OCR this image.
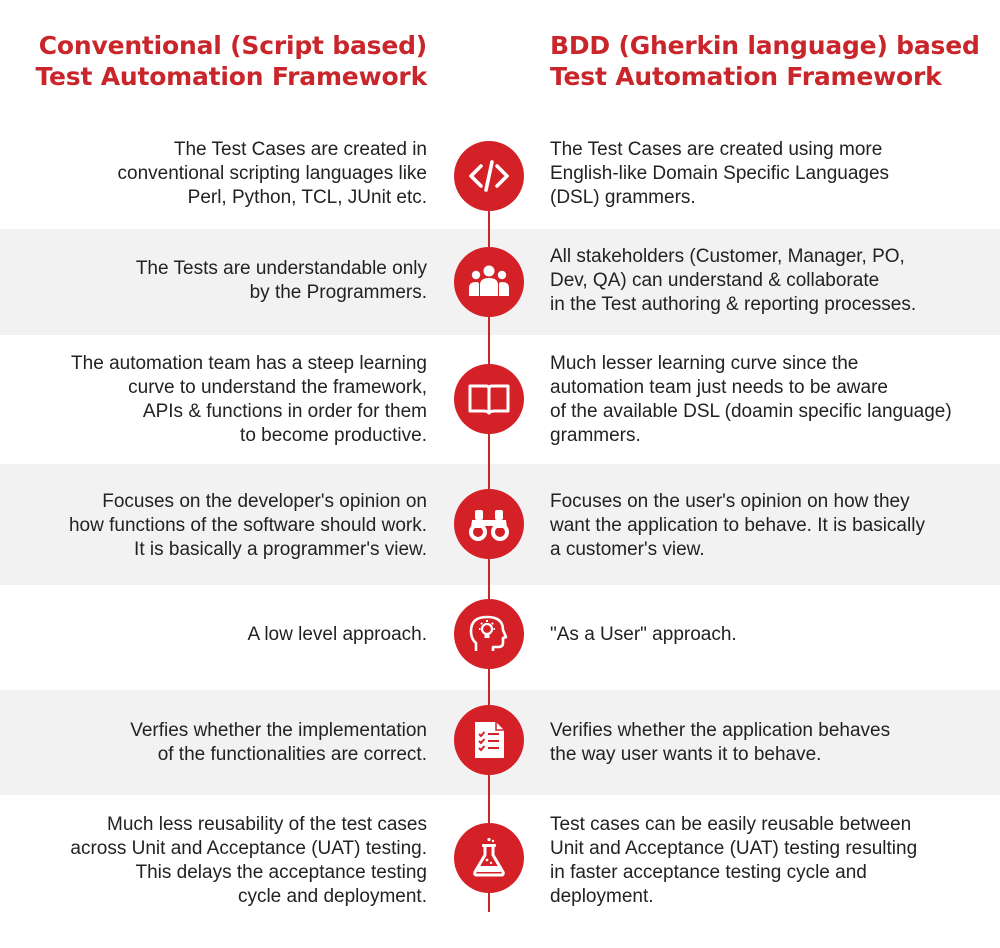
Conventional (Script based)
Test Automation Framework
BDD (Gherkin language) based
Test Automation Framework
The Test Cases are created in
conventional scripting languages like
Perl, Python, TCL, JUnit etc.
The Test Cases are created using more
English-like Domain Specific Languages
(DSL) grammers.
The Tests are understandable only
by the Programmers.
All stakeholders (Customer, Manager, PO,
Dev, QA) can understand & collaborate
in the Test authoring & reporting processes.
The automation team has a steep learning
curve to understand the framework,
APIs & functions in order for them
to become productive.
Much lesser learning curve since the
automation team just needs to be aware
of the available DSL (doamin specific language)
grammers.
Focuses on the developer's opinion on
how functions of the software should work.
It is basically a programmer's view.
Focuses on the user's opinion on how they
want the application to behave. It is basically
a customer's view.
A low level approach.	"As a User" approach.
Verfies whether the implementation
of the functionalities are correct.
Verifies whether the application behaves
the way user wants it to behave.
Much less reusability of the test cases
across Unit and Acceptance (UAT) testing.
This delays the acceptance testing
cycle and deployment.
Test cases can be easily reusable between
Unit and Acceptance (UAT) testing resulting
in faster acceptance testing cycle and
deployment.
